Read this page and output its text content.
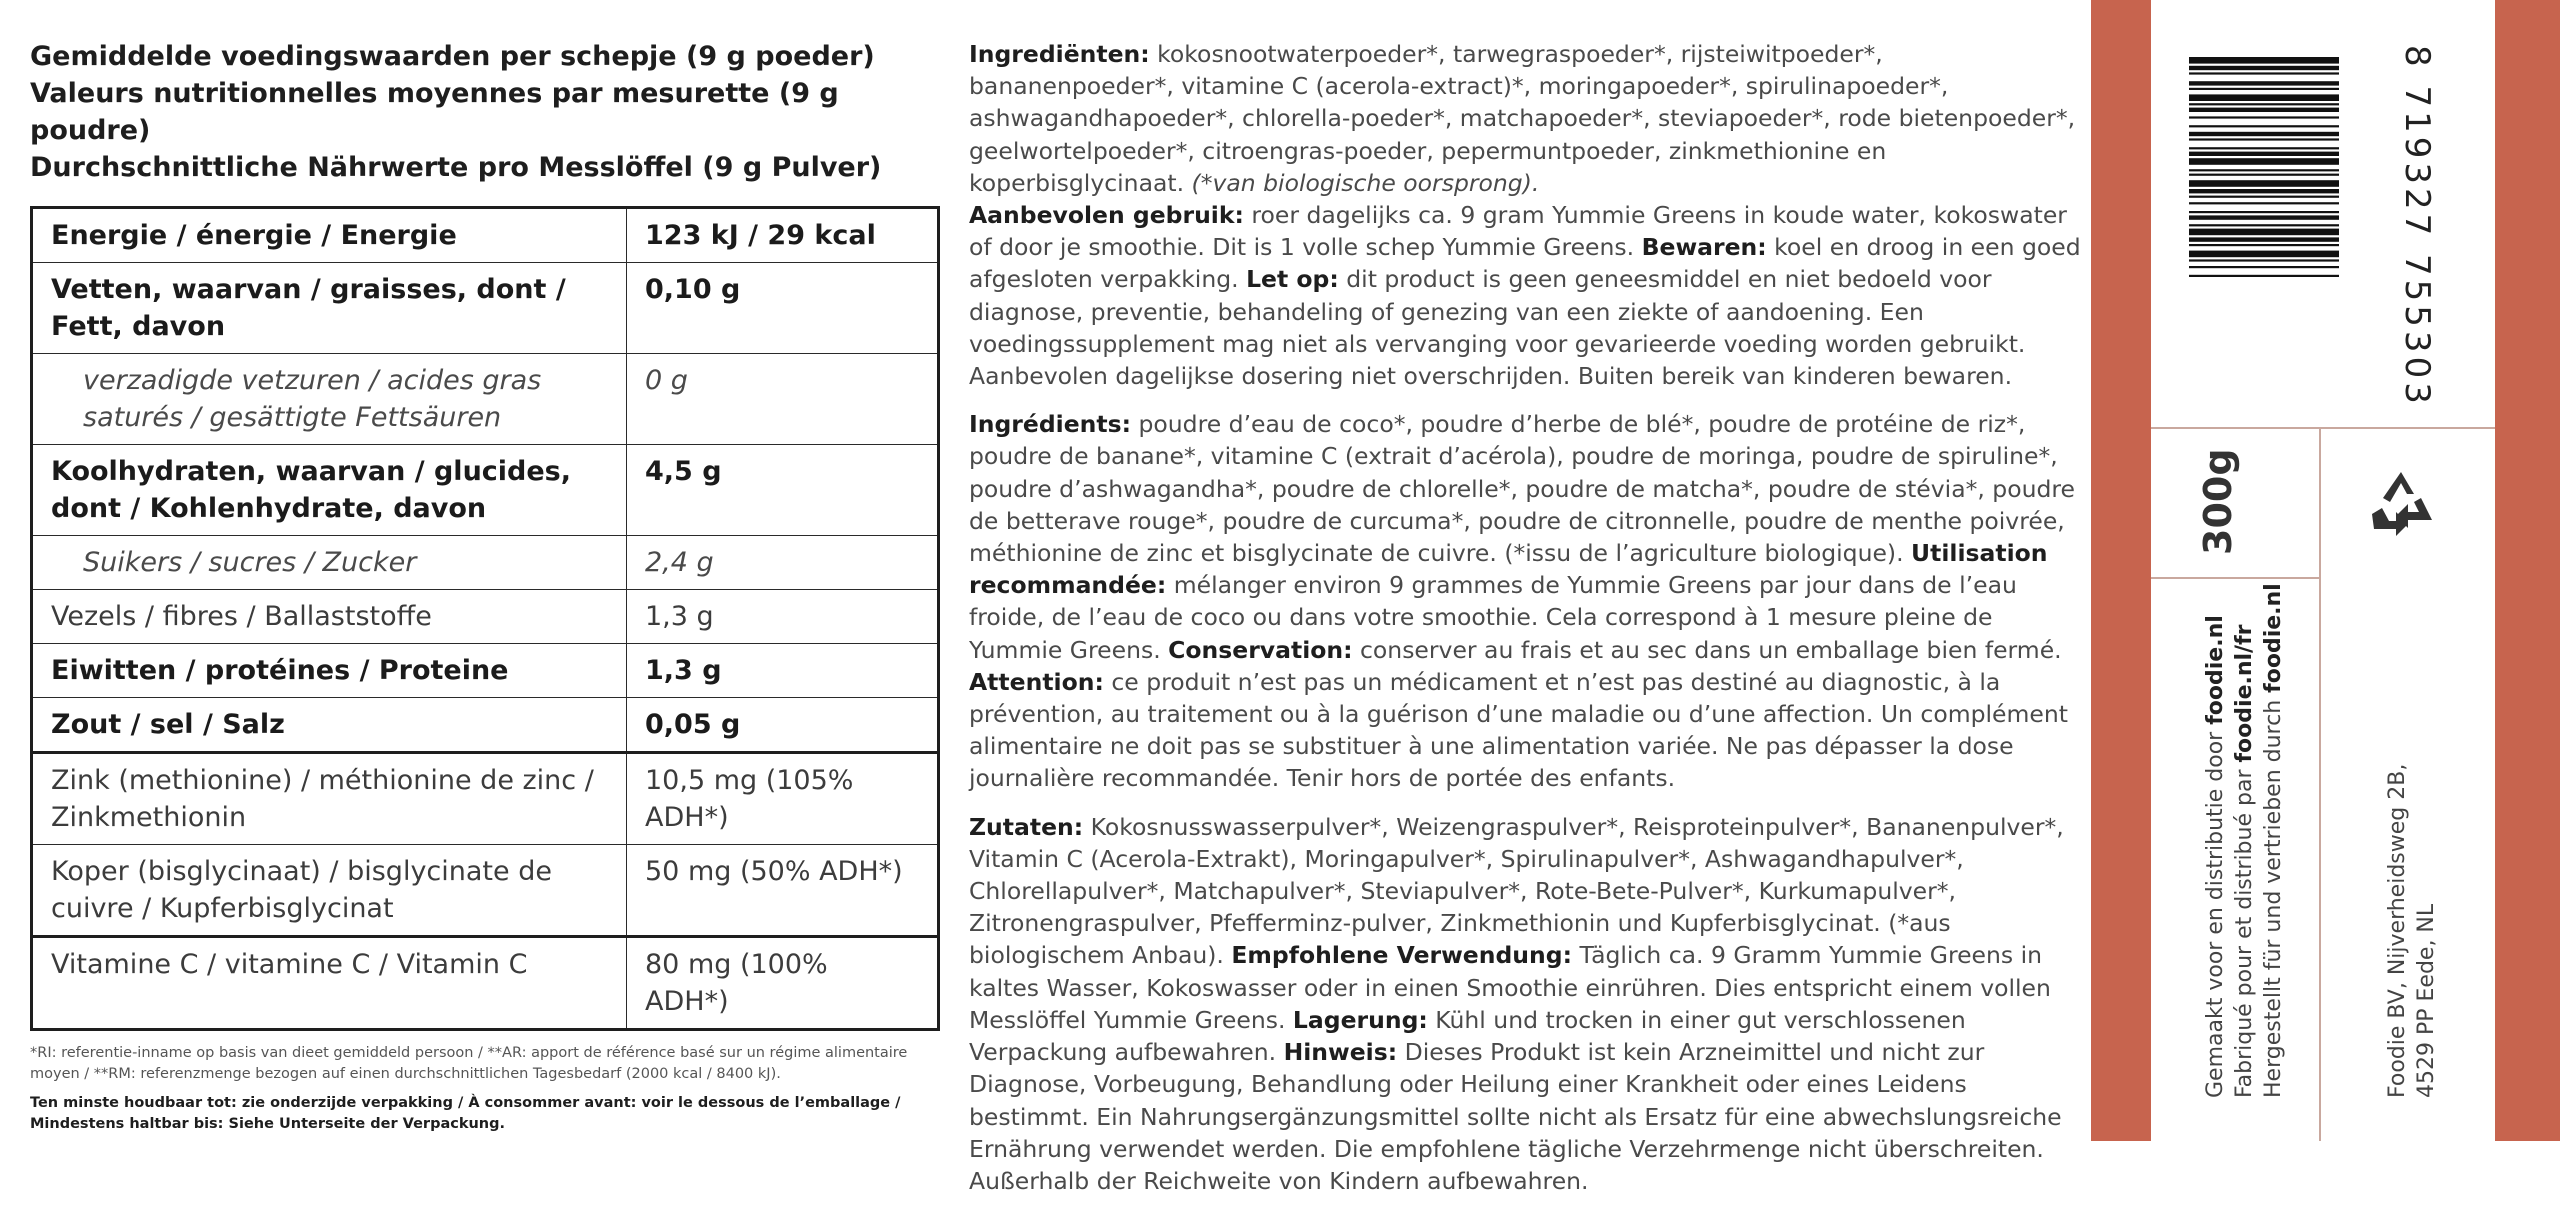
Gemiddelde voedingswaarden per schepje (9 g poeder)

Valeurs nutritionnelles moyennes par mesurette (9 g poudre)

Durchschnittliche Nährwerte pro Messlöffel (9 g Pulver)

Energie / énergie / Energie	123 kJ / 29 kcal
Vetten, waarvan / graisses, dont / Fett, davon	0,10 g
verzadigde vetzuren / acides gras saturés / gesättigte Fettsäuren	0 g
Koolhydraten, waarvan / glucides, dont / Kohlenhydrate, davon	4,5 g
Suikers / sucres / Zucker	2,4 g
Vezels / fibres / Ballaststoffe	1,3 g
Eiwitten / protéines / Proteine	1,3 g
Zout / sel / Salz	0,05 g
Zink (methionine) / méthionine de zinc / Zinkmethionin	10,5 mg (105% ADH*)
Koper (bisglycinaat) / bisglycinate de cuivre / Kupferbisglycinat	50 mg (50% ADH*)
Vitamine C / vitamine C / Vitamin C	80 mg (100% ADH*)

*RI: referentie-inname op basis van dieet gemiddeld persoon / **AR: apport de référence basé sur un régime alimentaire moyen / **RM: referenzmenge bezogen auf einen durchschnittlichen Tagesbedarf (2000 kcal / 8400 kJ).

Ten minste houdbaar tot: zie onderzijde verpakking / À consommer avant: voir le dessous de l’emballage / Mindestens haltbar bis: Siehe Unterseite der Verpackung.

Ingrediënten: kokosnootwaterpoeder*, tarwegraspoeder*, rijsteiwitpoeder*, bananenpoeder*, vitamine C (acerola-extract)*, moringapoeder*, spirulinapoeder*, ashwagandhapoeder*, chlorella-poeder*, matchapoeder*, steviapoeder*, rode bietenpoeder*, geelwortelpoeder*, citroengras-poeder, pepermuntpoeder, zinkmethionine en koperbisglycinaat. (*van biologische oorsprong).
Aanbevolen gebruik: roer dagelijks ca. 9 gram Yummie Greens in koude water, kokoswater of door je smoothie. Dit is 1 volle schep Yummie Greens. Bewaren: koel en droog in een goed afgesloten verpakking. Let op: dit product is geen geneesmiddel en niet bedoeld voor diagnose, preventie, behandeling of genezing van een ziekte of aandoening. Een voedingssupplement mag niet als vervanging voor gevarieerde voeding worden gebruikt. Aanbevolen dagelijkse dosering niet overschrijden. Buiten bereik van kinderen bewaren.

Ingrédients: poudre d’eau de coco*, poudre d’herbe de blé*, poudre de protéine de riz*, poudre de banane*, vitamine C (extrait d’acérola), poudre de moringa, poudre de spiruline*, poudre d’ashwagandha*, poudre de chlorelle*, poudre de matcha*, poudre de stévia*, poudre de betterave rouge*, poudre de curcuma*, poudre de citronnelle, poudre de menthe poivrée, méthionine de zinc et bisglycinate de cuivre. (*issu de l’agriculture biologique). Utilisation recommandée: mélanger environ 9 grammes de Yummie Greens par jour dans de l’eau froide, de l’eau de coco ou dans votre smoothie. Cela correspond à 1 mesure pleine de Yummie Greens. Conservation: conserver au frais et au sec dans un emballage bien fermé. Attention: ce produit n’est pas un médicament et n’est pas destiné au diagnostic, à la prévention, au traitement ou à la guérison d’une maladie ou d’une affection. Un complément alimentaire ne doit pas se substituer à une alimentation variée. Ne pas dépasser la dose journalière recommandée. Tenir hors de portée des enfants.

Zutaten: Kokosnusswasserpulver*, Weizengraspulver*, Reisproteinpulver*, Bananenpulver*, Vitamin C (Acerola-Extrakt), Moringapulver*, Spirulinapulver*, Ashwagandhapulver*, Chlorellapulver*, Matchapulver*, Steviapulver*, Rote-Bete-Pulver*, Kurkumapulver*, Zitronengraspulver, Pfefferminz-pulver, Zinkmethionin und Kupferbisglycinat. (*aus biologischem Anbau). Empfohlene Verwendung: Täglich ca. 9 Gramm Yummie Greens in kaltes Wasser, Kokoswasser oder in einen Smoothie einrühren. Dies entspricht einem vollen Messlöffel Yummie Greens. Lagerung: Kühl und trocken in einer gut verschlossenen Verpackung aufbewahren. Hinweis: Dieses Produkt ist kein Arzneimittel und nicht zur Diagnose, Vorbeugung, Behandlung oder Heilung einer Krankheit oder eines Leidens bestimmt. Ein Nahrungsergänzungsmittel sollte nicht als Ersatz für eine abwechslungsreiche Ernährung verwendet werden. Die empfohlene tägliche Verzehrmenge nicht überschreiten. Außerhalb der Reichweite von Kindern aufbewahren.

8 719327 755303
300g
Gemaakt voor en distributie door foodie.nl
Fabriqué pour et distribué par foodie.nl/fr Hergestellt für und vertrieben durch foodie.nl
Foodie BV, Nijverheidsweg 2B, 4529 PP Eede, NL
